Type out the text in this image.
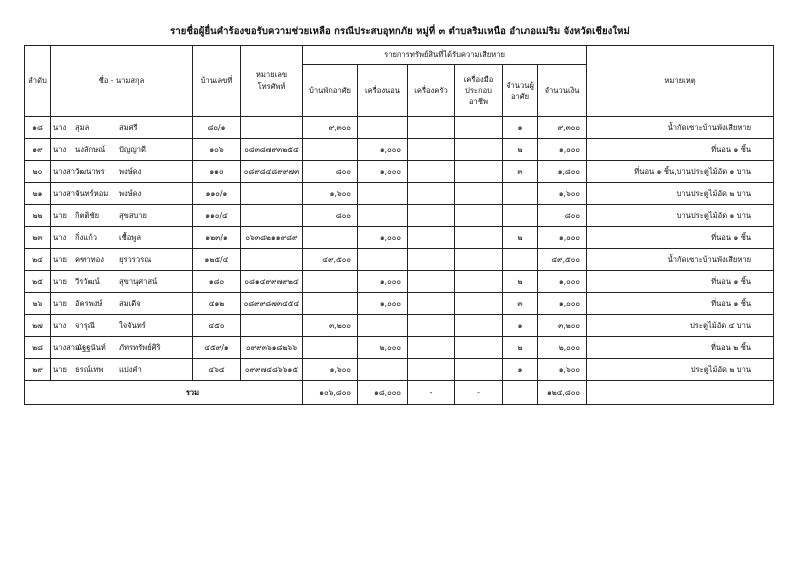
รายชื่อผู้ยื่นคำร้องขอรับความช่วยเหลือ กรณีประสบอุทกภัย หมู่ที่ ๓ ตำบลริมเหนือ อำเภอแม่ริม จังหวัดเชียงใหม่
ลำดับ	ชื่อ - นามสกุล	บ้านเลขที่	หมายเลขโทรศัพท์	รายการทรัพย์สินที่ได้รับความเสียหาย						หมายเหตุ
				บ้านพักอาศัย	เครื่องนอน	เครื่องครัว	เครื่องมือประกอบอาชีพ	จำนวนผู้อาศัย	จำนวนเงิน	
๑๘	นาง สุมล สมศรี	๘๐/๑		๙,๓๐๐				๑	๙,๓๐๐	น้ำกัดเซาะบ้านพังเสียหาย
๑๙	นาง นงลักษณ์ ปัญญาดี	๑๐๖	๐๘๓๘๗๙๓๒๕๔		๑,๐๐๐			๒	๑,๐๐๐	ที่นอน ๑ ชิ้น
๒๐	นางสาววัฒนาพร พงษ์ดง	๑๑๐	๐๘๙๘๔๘๙๙๗๓	๘๐๐	๑,๐๐๐			๓	๑,๘๐๐	ที่นอน ๑ ชิ้น,บานประตูไม้อัด ๑ บาน
๒๑	นางสาวจันทร์หอม พงษ์ดง	๑๑๐/๑		๑,๖๐๐					๑,๖๐๐	บานประตูไม้อัด ๒ บาน
๒๒	นาย กิตติชัย สุขสบาย	๑๑๐/๔		๘๐๐					๘๐๐	บานประตูไม้อัด ๑ บาน
๒๓	นาง กิ่งแก้ว เชื้อพูล	๑๒๓/๑	๐๖๓๘๒๑๑๙๘๙		๑,๐๐๐			๒	๑,๐๐๐	ที่นอน ๑ ชิ้น
๒๔	นาย คฑาทอง ยุรวรวรณ	๑๒๕/๔		๔๙,๕๐๐					๔๙,๕๐๐	น้ำกัดเซาะบ้านพังเสียหาย
๒๕	นาย วีรวัฒน์ สุขานุศาสน์	๑๘๐	๐๘๑๔๙๙๗๙๒๔		๑,๐๐๐			๒	๑,๐๐๐	ที่นอน ๑ ชิ้น
๒๖	นาย อัครพงษ์ สมเดีจ	๔๑๒	๐๘๙๙๘๗๓๔๕๔		๑,๐๐๐			๓	๑,๐๐๐	ที่นอน ๑ ชิ้น
๒๗	นาง จารุณี ใจจันทร์	๔๕๐		๓,๒๐๐				๑	๓,๒๐๐	ประตูไม้อัด ๔ บาน
๒๘	นางสาวณัฐฐนันท์ ภัทรทรัพย์ศิริ	๔๕๙/๑	๐๙๙๓๖๑๘๒๖๖		๒,๐๐๐			๒	๒,๐๐๐	ที่นอน ๒ ชิ้น
๒๙	นาย ธรณ์เทพ แปงคำ	๔๖๔	๐๙๙๗๔๘๖๖๑๕	๑,๖๐๐				๑	๑,๖๐๐	ประตูไม้อัด ๒ บาน
รวม				๑๐๖,๘๐๐	๑๘,๐๐๐	-	-		๑๒๔,๘๐๐	
